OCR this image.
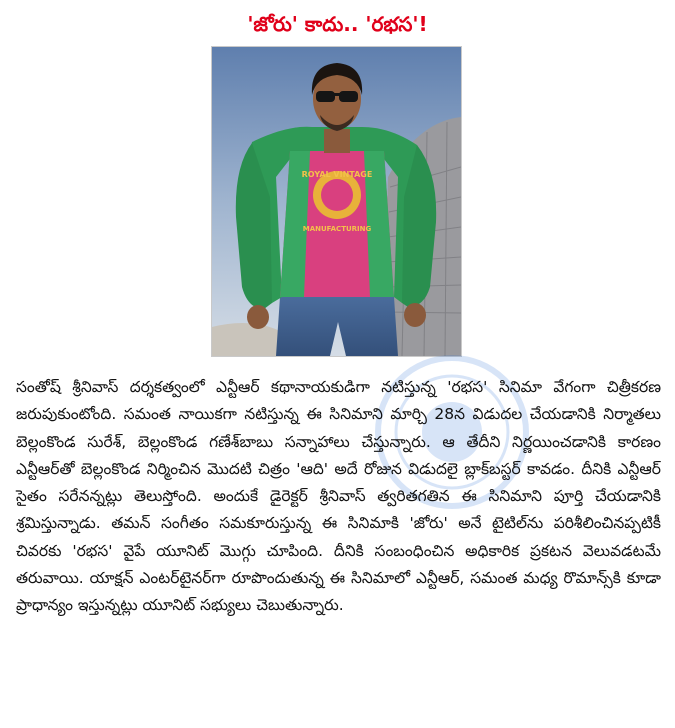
'జోరు' కాదు.. 'రభస'!
ROYAL VINTAGE
MANUFACTURING

సంతోష్ శ్రీనివాస్ దర్శకత్వంలో ఎన్టీఆర్ కథానాయకుడిగా నటిస్తున్న 'రభస' సినిమా వేగంగా చిత్రీకరణ జరుపుకుంటోంది. సమంత నాయికగా నటిస్తున్న ఈ సినిమాని మార్చి 28న విడుదల చేయడానికి నిర్మాతలు బెల్లంకొండ సురేశ్, బెల్లంకొండ గణేశ్‌బాబు సన్నాహాలు చేస్తున్నారు. ఆ తేదీని నిర్ణయించడానికి కారణం ఎన్టీఆర్‌తో బెల్లంకొండ నిర్మించిన మొదటి చిత్రం 'ఆది' అదే రోజున విడుదలై బ్లాక్‌బస్టర్ కావడం. దీనికి ఎన్టీఆర్ సైతం సరేనన్నట్లు తెలుస్తోంది. అందుకే డైరెక్టర్ శ్రీనివాస్ త్వరితగతిన ఈ సినిమాని పూర్తి చేయడానికి శ్రమిస్తున్నాడు. తమన్ సంగీతం సమకూరుస్తున్న ఈ సినిమాకి 'జోరు' అనే టైటిల్‌ను పరిశీలించినప్పటికీ చివరకు 'రభస' వైపే యూనిట్ మొగ్గు చూపింది. దీనికి సంబంధించిన అధికారిక ప్రకటన వెలువడటమే తరువాయి. యాక్షన్ ఎంటర్‌టైనర్‌గా రూపొందుతున్న ఈ సినిమాలో ఎన్టీఆర్, సమంత మధ్య రొమాన్స్‌కి కూడా ప్రాధాన్యం ఇస్తున్నట్లు యూనిట్ సభ్యులు చెబుతున్నారు.
